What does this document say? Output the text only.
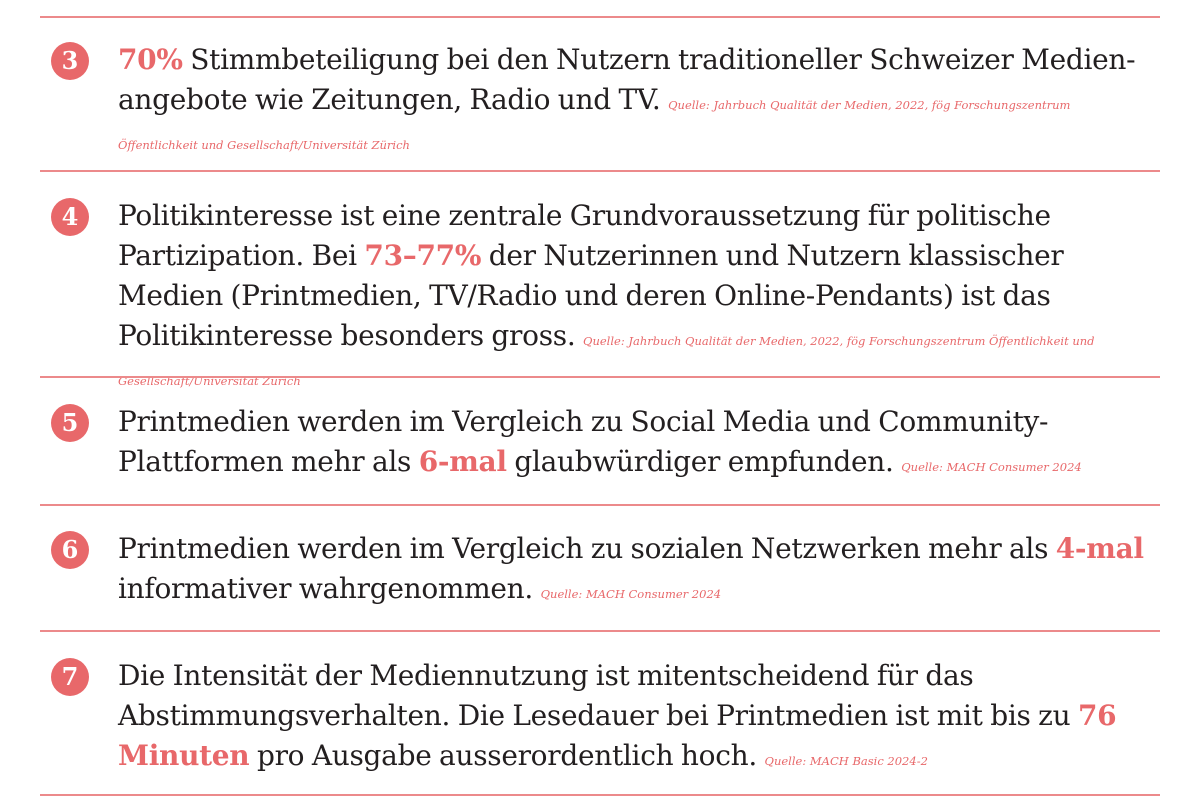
3	70% Stimmbeteiligung bei den Nutzern traditioneller Schweizer Medienangebote wie Zeitungen, Radio und TV. Quelle: Jahrbuch Qualität der Medien, 2022, fög Forschungszentrum Öffentlichkeit und Gesellschaft/Universität Zürich
4	Politikinteresse ist eine zentrale Grundvoraussetzung für politische Partizipation. Bei 73–77% der Nutzerinnen und Nutzern klassischer Medien (Printmedien, TV/Radio und deren Online-Pendants) ist das Politikinteresse besonders gross. Quelle: Jahrbuch Qualität der Medien, 2022, fög Forschungszentrum Öffentlichkeit und Gesellschaft/Universität Zürich
5	Printmedien werden im Vergleich zu Social Media und Community-Plattformen mehr als 6-mal glaubwürdiger empfunden. Quelle: MACH Consumer 2024
6	Printmedien werden im Vergleich zu sozialen Netzwerken mehr als 4-mal informativer wahrgenommen. Quelle: MACH Consumer 2024
7	Die Intensität der Mediennutzung ist mitentscheidend für das Abstimmungsverhalten. Die Lesedauer bei Printmedien ist mit bis zu 76 Minuten pro Ausgabe ausserordentlich hoch. Quelle: MACH Basic 2024-2
